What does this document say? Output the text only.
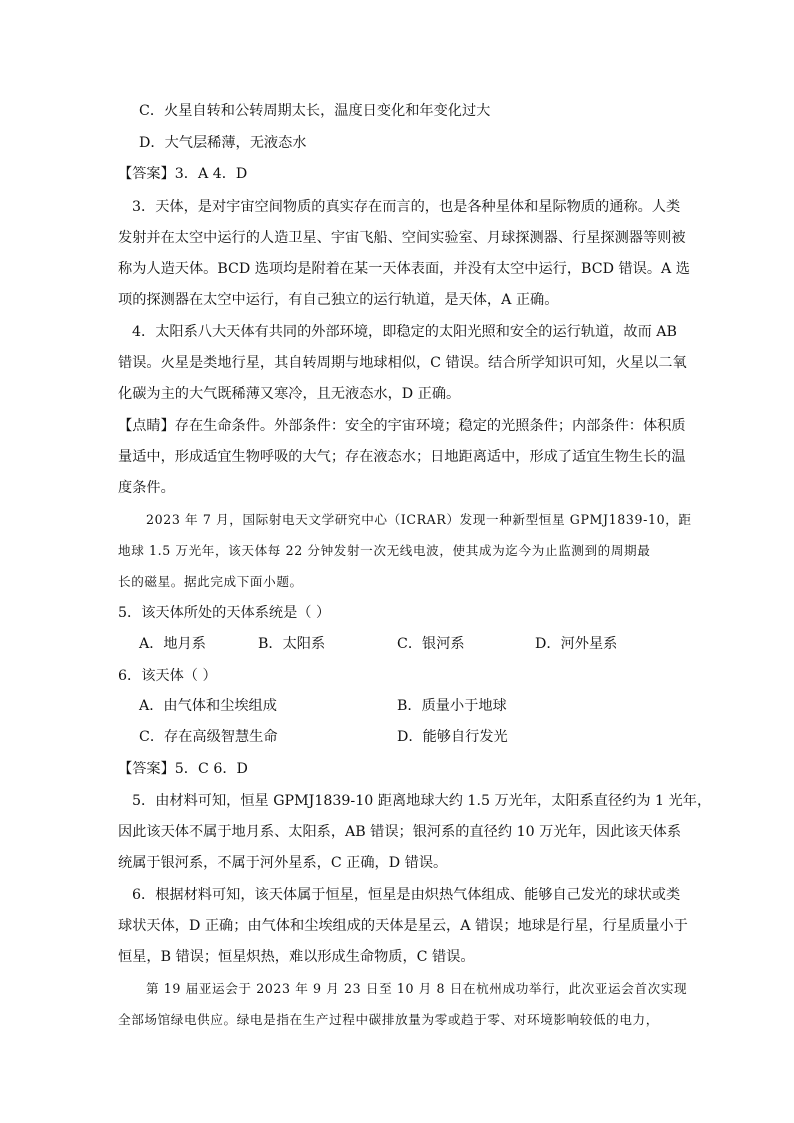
C．火星自转和公转周期太长，温度日变化和年变化过大
D．大气层稀薄，无液态水
【答案】3．A 4．D
3．天体，是对宇宙空间物质的真实存在而言的，也是各种星体和星际物质的通称。人类
发射并在太空中运行的人造卫星、宇宙飞船、空间实验室、月球探测器、行星探测器等则被
称为人造天体。BCD 选项均是附着在某一天体表面，并没有太空中运行，BCD 错误。A 选
项的探测器在太空中运行，有自己独立的运行轨道，是天体，A 正确。
4．太阳系八大天体有共同的外部环境，即稳定的太阳光照和安全的运行轨道，故而 AB
错误。火星是类地行星，其自转周期与地球相似，C 错误。结合所学知识可知，火星以二氧
化碳为主的大气既稀薄又寒冷，且无液态水，D 正确。
【点睛】存在生命条件。外部条件：安全的宇宙环境；稳定的光照条件；内部条件：体积质
量适中，形成适宜生物呼吸的大气；存在液态水；日地距离适中，形成了适宜生物生长的温
度条件。
2023 年 7 月，国际射电天文学研究中心（ICRAR）发现一种新型恒星 GPMJ1839-10，距
地球 1.5 万光年，该天体每 22 分钟发射一次无线电波，使其成为迄今为止监测到的周期最
长的磁星。据此完成下面小题。
5．该天体所处的天体系统是（ ）
A．地月系	B．太阳系	C．银河系	D．河外星系
6．该天体（ ）
A．由气体和尘埃组成	B．质量小于地球
C．存在高级智慧生命	D．能够自行发光
【答案】5．C 6．D
5．由材料可知，恒星 GPMJ1839-10 距离地球大约 1.5 万光年，太阳系直径约为 1 光年，
因此该天体不属于地月系、太阳系，AB 错误；银河系的直径约 10 万光年，因此该天体系
统属于银河系，不属于河外星系，C 正确，D 错误。
6．根据材料可知，该天体属于恒星，恒星是由炽热气体组成、能够自己发光的球状或类
球状天体，D 正确；由气体和尘埃组成的天体是星云，A 错误；地球是行星，行星质量小于
恒星，B 错误；恒星炽热，难以形成生命物质，C 错误。
第 19 届亚运会于 2023 年 9 月 23 日至 10 月 8 日在杭州成功举行，此次亚运会首次实现
全部场馆绿电供应。绿电是指在生产过程中碳排放量为零或趋于零、对环境影响较低的电力，
